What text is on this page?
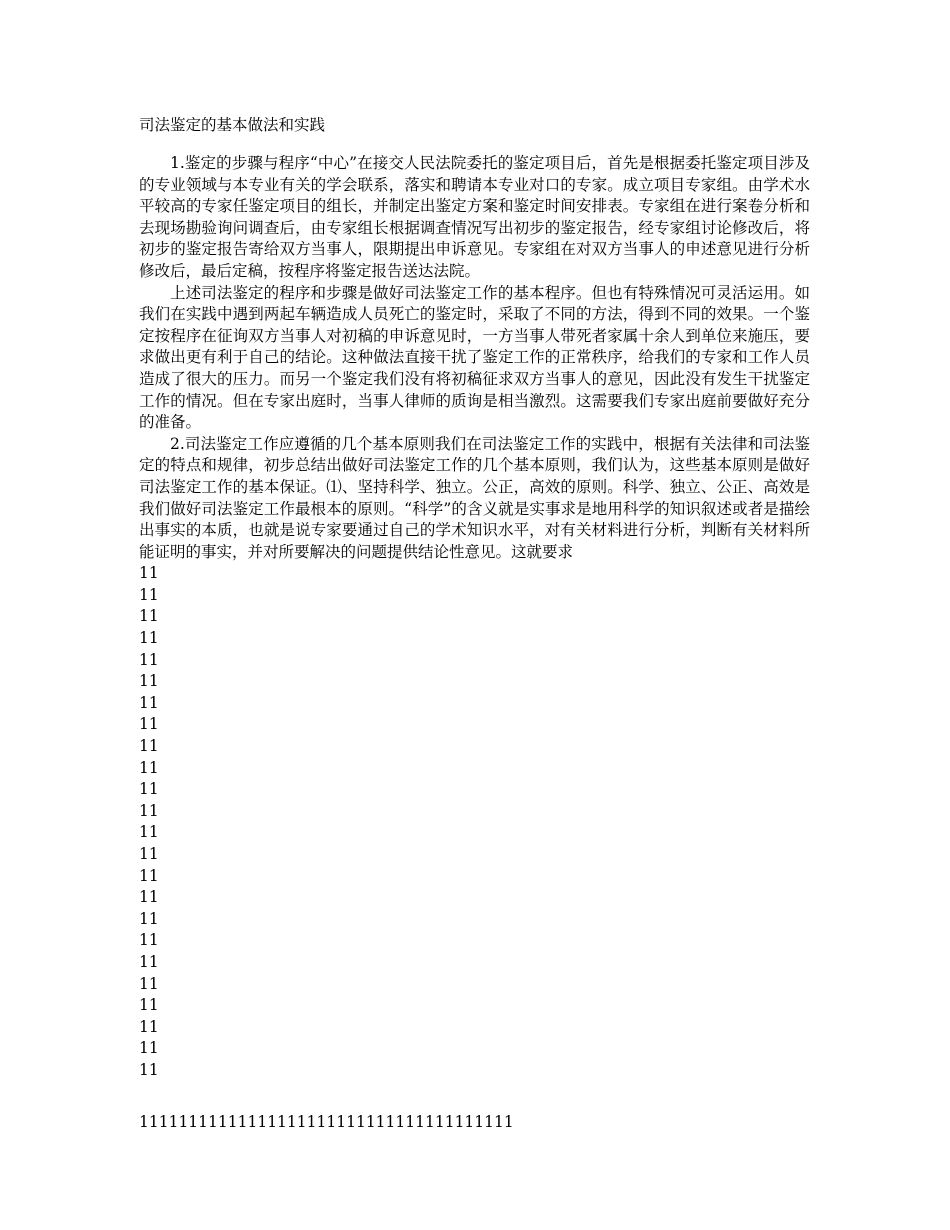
司法鉴定的基本做法和实践

1.鉴定的步骤与程序“中心”在接交人民法院委托的鉴定项目后，首先是根据委托鉴定项目涉及的专业领域与本专业有关的学会联系，落实和聘请本专业对口的专家。成立项目专家组。由学术水平较高的专家任鉴定项目的组长，并制定出鉴定方案和鉴定时间安排表。专家组在进行案卷分析和去现场勘验询问调查后，由专家组长根据调查情况写出初步的鉴定报告，经专家组讨论修改后，将初步的鉴定报告寄给双方当事人，限期提出申诉意见。专家组在对双方当事人的申述意见进行分析修改后，最后定稿，按程序将鉴定报告送达法院。

上述司法鉴定的程序和步骤是做好司法鉴定工作的基本程序。但也有特殊情况可灵活运用。如我们在实践中遇到两起车辆造成人员死亡的鉴定时，采取了不同的方法，得到不同的效果。一个鉴定按程序在征询双方当事人对初稿的申诉意见时，一方当事人带死者家属十余人到单位来施压，要求做出更有利于自己的结论。这种做法直接干扰了鉴定工作的正常秩序，给我们的专家和工作人员造成了很大的压力。而另一个鉴定我们没有将初稿征求双方当事人的意见，因此没有发生干扰鉴定工作的情况。但在专家出庭时，当事人律师的质询是相当激烈。这需要我们专家出庭前要做好充分的准备。

2.司法鉴定工作应遵循的几个基本原则我们在司法鉴定工作的实践中，根据有关法律和司法鉴定的特点和规律，初步总结出做好司法鉴定工作的几个基本原则，我们认为，这些基本原则是做好司法鉴定工作的基本保证。⑴、坚持科学、独立。公正，高效的原则。科学、独立、公正、高效是我们做好司法鉴定工作最根本的原则。“科学”的含义就是实事求是地用科学的知识叙述或者是描绘出事实的本质，也就是说专家要通过自己的学术知识水平，对有关材料进行分析，判断有关材料所能证明的事实，并对所要解决的问题提供结论性意见。这就要求

11
11
11
11
11
11
11
11
11
11
11
11
11
11
11
11
11
11
11
11
11
11
11
11
11111111111111111111111111111111111111
